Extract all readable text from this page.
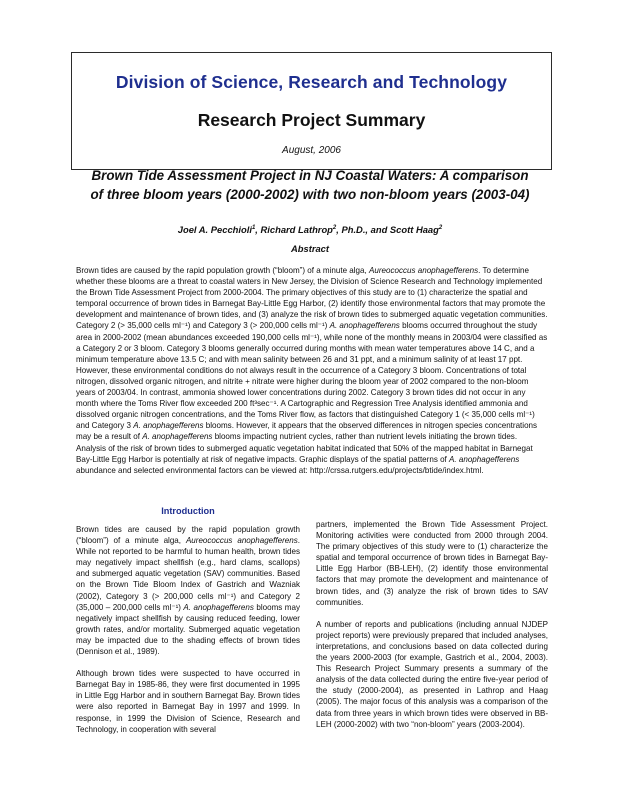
Division of Science, Research and Technology
Research Project Summary
August, 2006
Brown Tide Assessment Project in NJ Coastal Waters: A comparison
of three bloom years (2000-2002) with two non-bloom years (2003-04)
Joel A. Pecchioli$^1$, Richard Lathrop$^2$, Ph.D., and Scott Haag$^2$
Abstract
Brown tides are caused by the rapid population growth (“bloom”) of a minute alga, Aureococcus anophagefferens. To determine whether these blooms are a threat to coastal waters in New Jersey, the Division of Science Research and Technology implemented the Brown Tide Assessment Project from 2000-2004. The primary objectives of this study are to (1) characterize the spatial and temporal occurrence of brown tides in Barnegat Bay-Little Egg Harbor, (2) identify those environmental factors that may promote the development and maintenance of brown tides, and (3) analyze the risk of brown tides to submerged aquatic vegetation communities. Category 2 (> 35,000 cells ml⁻¹) and Category 3 (> 200,000 cells ml⁻¹) A. anophagefferens blooms occurred throughout the study area in 2000-2002 (mean abundances exceeded 190,000 cells ml⁻¹), while none of the monthly means in 2003/04 were classified as a Category 2 or 3 bloom. Category 3 blooms generally occurred during months with mean water temperatures above 14 C, and a minimum temperature above 13.5 C; and with mean salinity between 26 and 31 ppt, and a minimum salinity of at least 17 ppt. However, these environmental conditions do not always result in the occurrence of a Category 3 bloom. Concentrations of total nitrogen, dissolved organic nitrogen, and nitrite + nitrate were higher during the bloom year of 2002 compared to the non-bloom years of 2003/04. In contrast, ammonia showed lower concentrations during 2002. Category 3 brown tides did not occur in any month where the Toms River flow exceeded 200 ft³sec⁻¹. A Cartographic and Regression Tree Analysis identified ammonia and dissolved organic nitrogen concentrations, and the Toms River flow, as factors that distinguished Category 1 (< 35,000 cells ml⁻¹) and Category 3 A. anophagefferens blooms. However, it appears that the observed differences in nitrogen species concentrations may be a result of A. anophagefferens blooms impacting nutrient cycles, rather than nutrient levels initiating the brown tides. Analysis of the risk of brown tides to submerged aquatic vegetation habitat indicated that 50% of the mapped habitat in Barnegat Bay-Little Egg Harbor is potentially at risk of negative impacts. Graphic displays of the spatial patterns of A. anophagefferens abundance and selected environmental factors can be viewed at: http://crssa.rutgers.edu/projects/btide/index.html.
Introduction

Brown tides are caused by the rapid population growth (“bloom”) of a minute alga, Aureococcus anophagefferens. While not reported to be harmful to human health, brown tides may negatively impact shellfish (e.g., hard clams, scallops) and submerged aquatic vegetation (SAV) communities. Based on the Brown Tide Bloom Index of Gastrich and Wazniak (2002), Category 3 (> 200,000 cells ml⁻¹) and Category 2 (35,000 – 200,000 cells ml⁻¹) A. anophagefferens blooms may negatively impact shellfish by causing reduced feeding, lower growth rates, and/or mortality. Submerged aquatic vegetation may be impacted due to the shading effects of brown tides (Dennison et al., 1989).

Although brown tides were suspected to have occurred in Barnegat Bay in 1985-86, they were first documented in 1995 in Little Egg Harbor and in southern Barnegat Bay. Brown tides were also reported in Barnegat Bay in 1997 and 1999. In response, in 1999 the Division of Science, Research and Technology, in cooperation with several

partners, implemented the Brown Tide Assessment Project. Monitoring activities were conducted from 2000 through 2004. The primary objectives of this study were to (1) characterize the spatial and temporal occurrence of brown tides in Barnegat Bay-Little Egg Harbor (BB-LEH), (2) identify those environmental factors that may promote the development and maintenance of brown tides, and (3) analyze the risk of brown tides to SAV communities.

A number of reports and publications (including annual NJDEP project reports) were previously prepared that included analyses, interpretations, and conclusions based on data collected during the years 2000-2003 (for example, Gastrich et al., 2004, 2003). This Research Project Summary presents a summary of the analysis of the data collected during the entire five-year period of the study (2000-2004), as presented in Lathrop and Haag (2005). The major focus of this analysis was a comparison of the data from three years in which brown tides were observed in BB-LEH (2000-2002) with two “non-bloom” years (2003-2004).
